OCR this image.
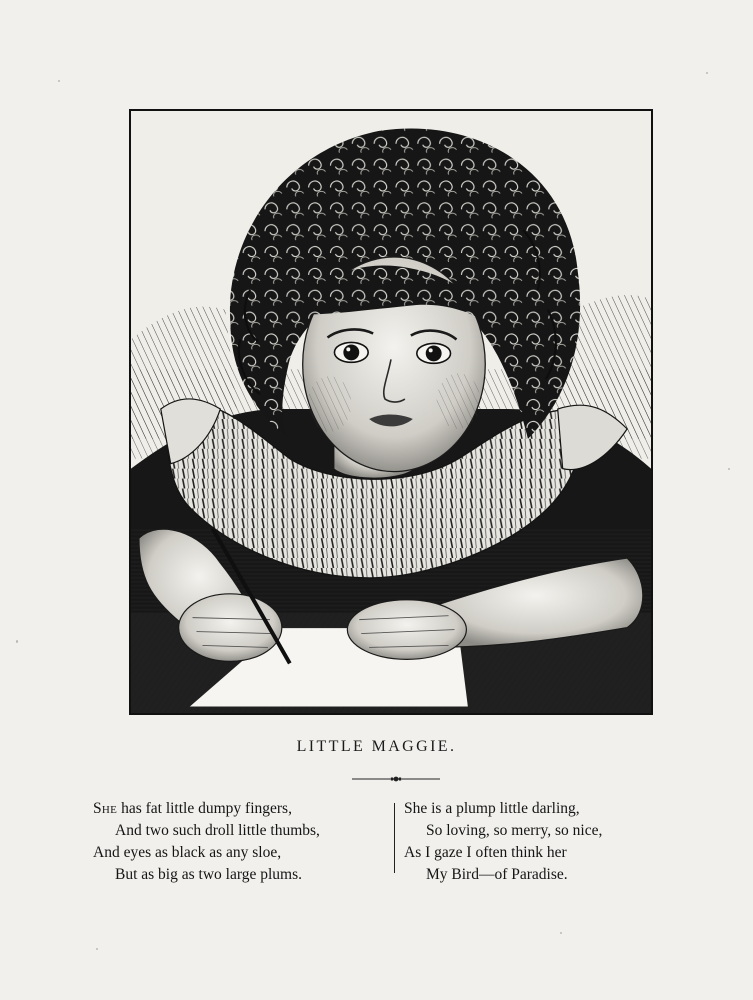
LITTLE MAGGIE.
She has fat little dumpy fingers,
And two such droll little thumbs,
And eyes as black as any sloe,
But as big as two large plums.
She is a plump little darling,
So loving, so merry, so nice,
As I gaze I often think her
My Bird—of Paradise.
